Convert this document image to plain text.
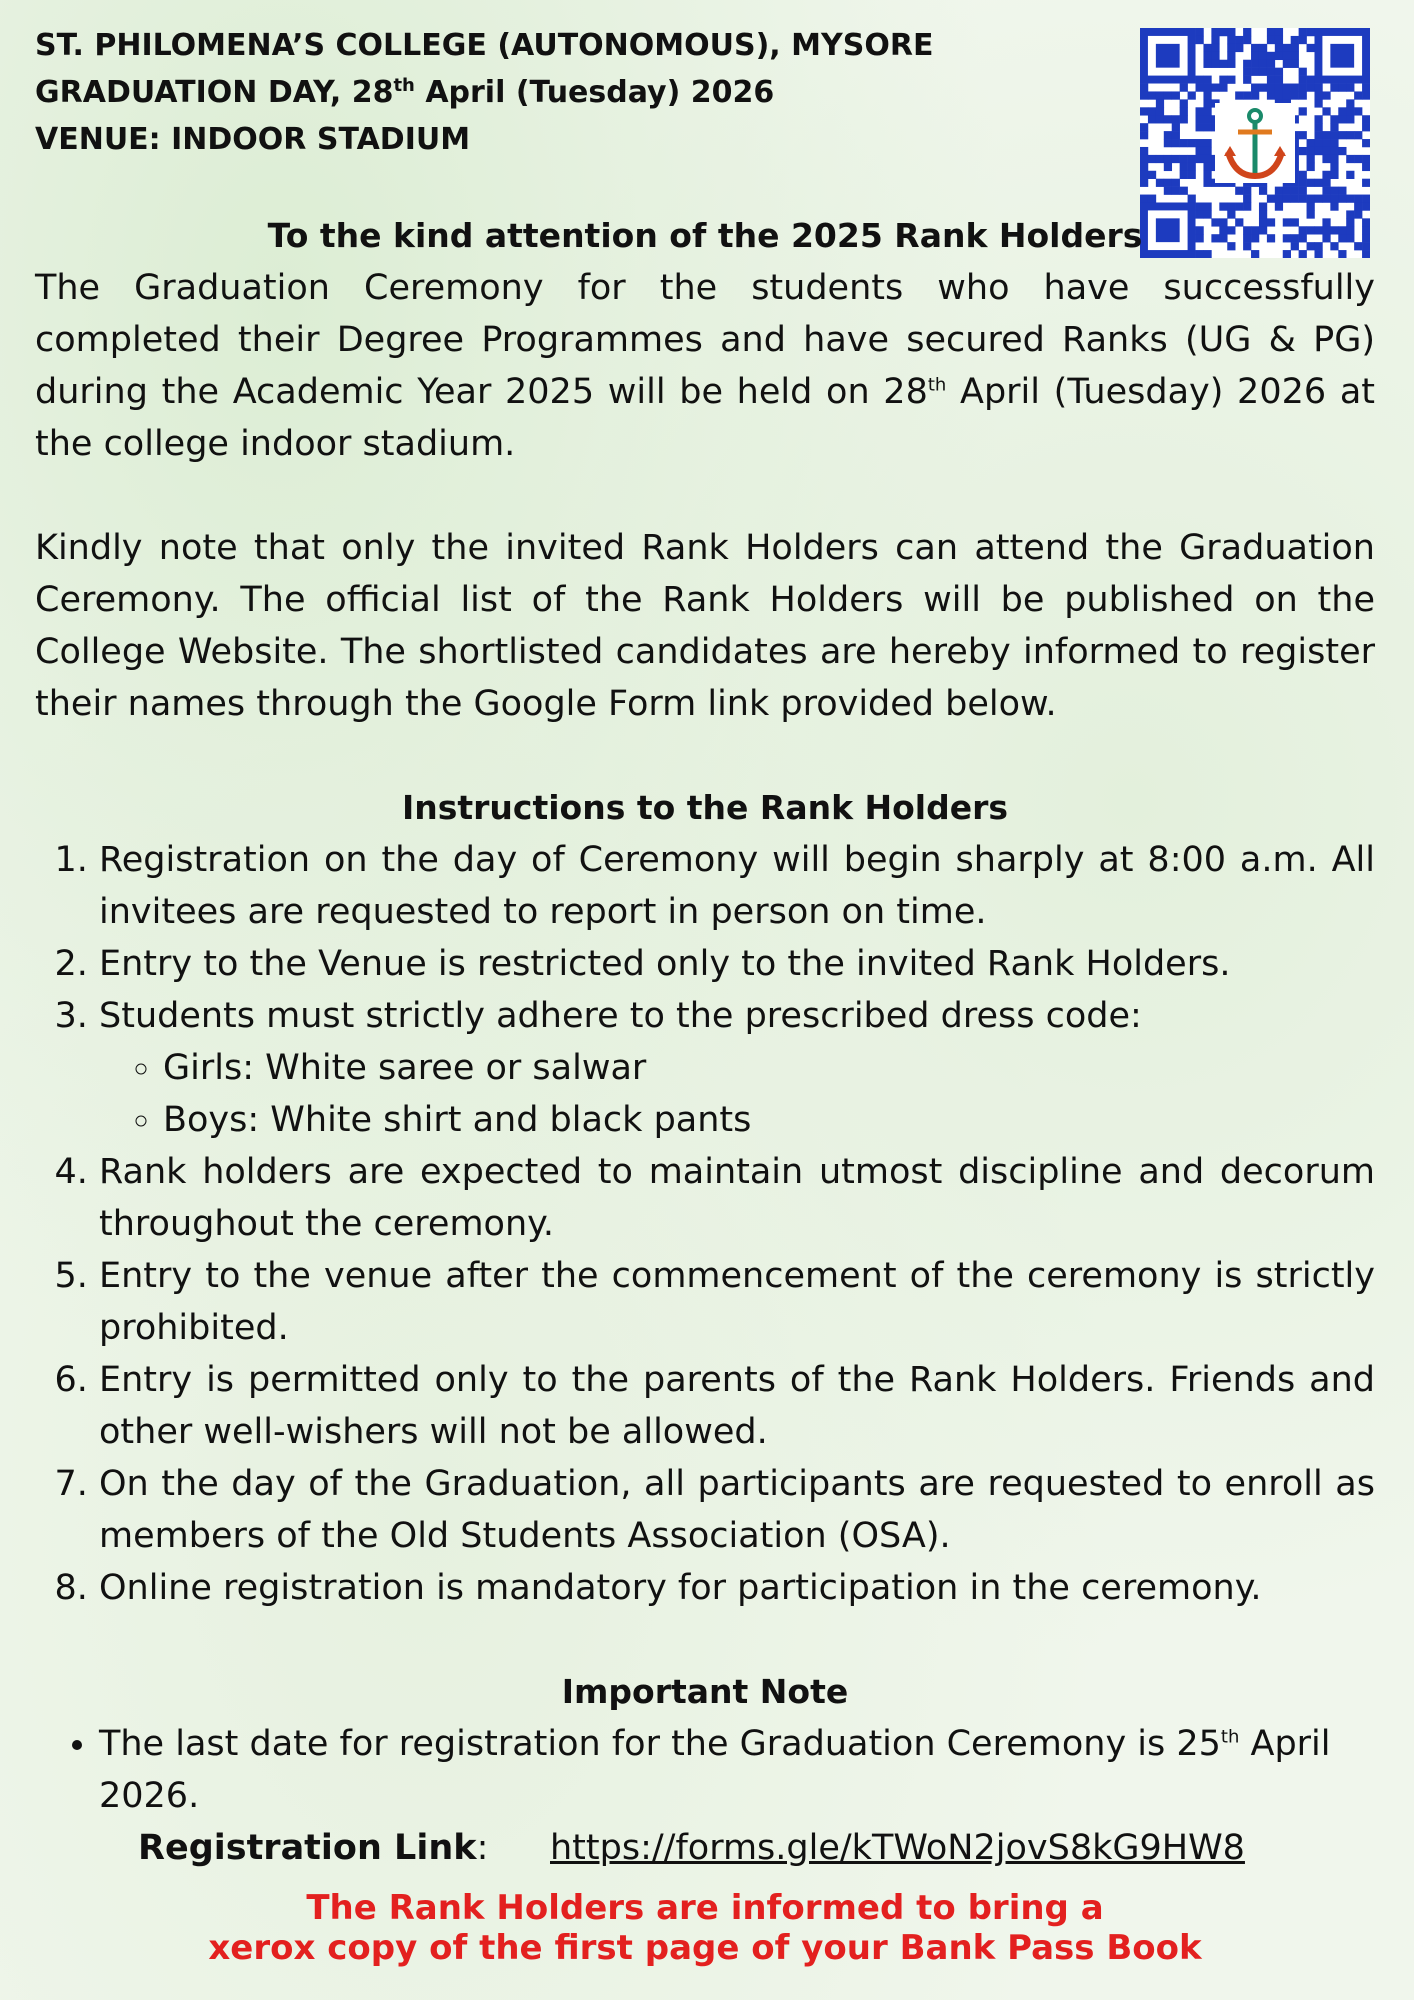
ST. PHILOMENA’S COLLEGE (AUTONOMOUS), MYSORE
GRADUATION DAY, 28th April (Tuesday) 2026
VENUE: INDOOR STADIUM

To the kind attention of the 2025 Rank Holders

The Graduation Ceremony for the students who have successfully completed their Degree Programmes and have secured Ranks (UG & PG) during the Academic Year 2025 will be held on 28th April (Tuesday) 2026 at the college indoor stadium.

Kindly note that only the invited Rank Holders can attend the Graduation Ceremony. The official list of the Rank Holders will be published on the College Website. The shortlisted candidates are hereby informed to register their names through the Google Form link provided below.

Instructions to the Rank Holders

1. Registration on the day of Ceremony will begin sharply at 8:00 a.m. All invitees are requested to report in person on time.
2. Entry to the Venue is restricted only to the invited Rank Holders.
3. Students must strictly adhere to the prescribed dress code:
◦ Girls: White saree or salwar
◦ Boys: White shirt and black pants
4. Rank holders are expected to maintain utmost discipline and decorum throughout the ceremony.
5. Entry to the venue after the commencement of the ceremony is strictly prohibited.
6. Entry is permitted only to the parents of the Rank Holders. Friends and other well-wishers will not be allowed.
7. On the day of the Graduation, all participants are requested to enroll as members of the Old Students Association (OSA).
8. Online registration is mandatory for participation in the ceremony.

Important Note

• The last date for registration for the Graduation Ceremony is 25th April 2026.
Registration Link:	https://forms.gle/kTWoN2jovS8kG9HW8
The Rank Holders are informed to bring a
xerox copy of the first page of your Bank Pass Book
